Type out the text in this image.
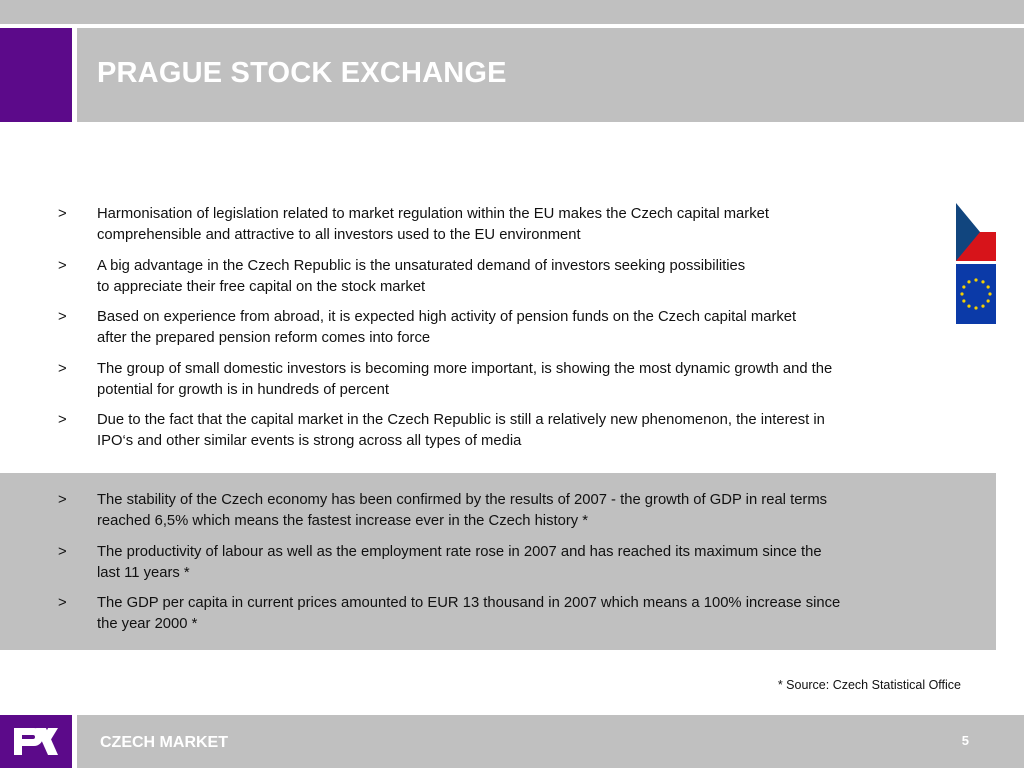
PRAGUE STOCK EXCHANGE
> Harmonisation of legislation related to market regulation within the EU makes the Czech capital market
comprehensible and attractive to all investors used to the EU environment
> A big advantage in the Czech Republic is the unsaturated demand of investors seeking possibilities
to appreciate their free capital on the stock market
> Based on experience from abroad, it is expected high activity of pension funds on the Czech capital market
after the prepared pension reform comes into force
> The group of small domestic investors is becoming more important, is showing the most dynamic growth and the
potential for growth is in hundreds of percent
> Due to the fact that the capital market in the Czech Republic is still a relatively new phenomenon, the interest in
IPO‘s and other similar events is strong across all types of media
> The stability of the Czech economy has been confirmed by the results of 2007 - the growth of GDP in real terms
reached 6,5% which means the fastest increase ever in the Czech history *
> The productivity of labour as well as the employment rate rose in 2007 and has reached its maximum since the
last 11 years *
> The GDP per capita in current prices amounted to EUR 13 thousand in 2007 which means a 100% increase since
the year 2000 *
* Source: Czech Statistical Office
CZECH MARKET	5
